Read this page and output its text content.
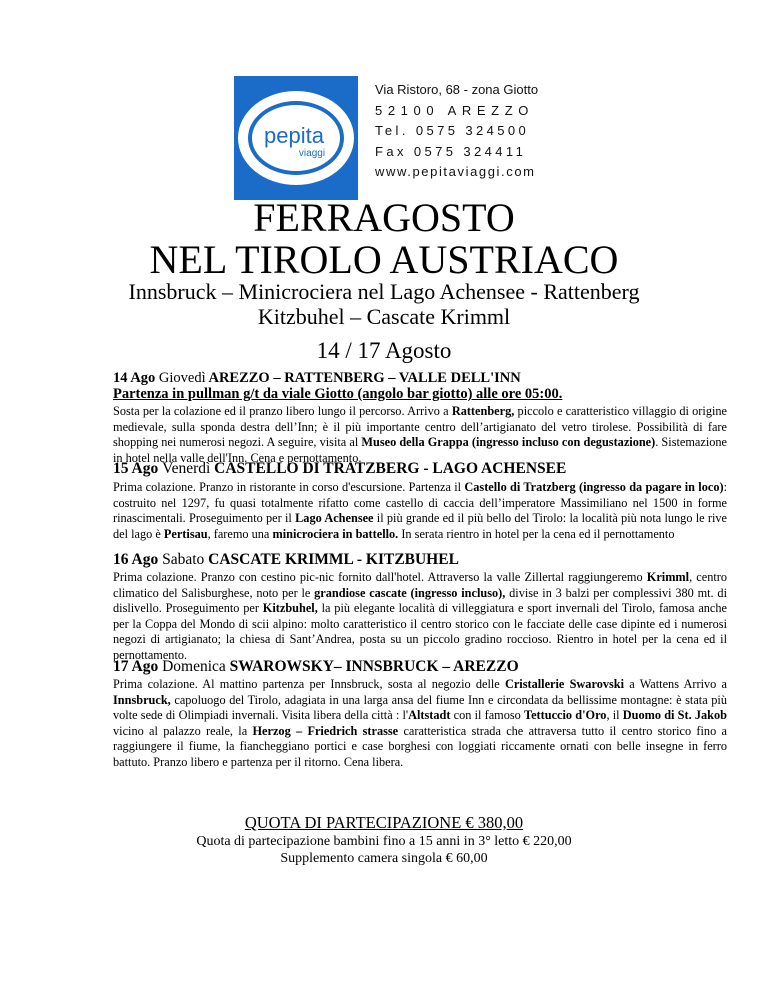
pepita
viaggi
Via Ristoro, 68 - zona Giotto
52100 AREZZO
Tel. 0575 324500
Fax 0575 324411
www.pepitaviaggi.com
FERRAGOSTO
NEL TIROLO AUSTRIACO
Innsbruck – Minicrociera nel Lago Achensee - Rattenberg
Kitzbuhel – Cascate Krimml
14 / 17 Agosto
14 Ago Giovedì AREZZO – RATTENBERG – VALLE DELL'INN
Partenza in pullman g/t da viale Giotto (angolo bar giotto) alle ore 05:00.
Sosta per la colazione ed il pranzo libero lungo il percorso. Arrivo a Rattenberg, piccolo e caratteristico villaggio di origine medievale, sulla sponda destra dell’Inn; è il più importante centro dell’artigianato del vetro tirolese. Possibilità di fare shopping nei numerosi negozi. A seguire, visita al Museo della Grappa (ingresso incluso con degustazione). Sistemazione in hotel nella valle dell'Inn. Cena e pernottamento.
15 Ago Venerdì CASTELLO DI TRATZBERG - LAGO ACHENSEE
Prima colazione. Pranzo in ristorante in corso d'escursione. Partenza il Castello di Tratzberg (ingresso da pagare in loco): costruito nel 1297, fu quasi totalmente rifatto come castello di caccia dell’imperatore Massimiliano nel 1500 in forme rinascimentali. Proseguimento per il Lago Achensee il più grande ed il più bello del Tirolo: la località più nota lungo le rive del lago è Pertisau, faremo una minicrociera in battello. In serata rientro in hotel per la cena ed il pernottamento
16 Ago Sabato CASCATE KRIMML - KITZBUHEL
Prima colazione. Pranzo con cestino pic-nic fornito dall'hotel. Attraverso la valle Zillertal raggiungeremo Krimml, centro climatico del Salisburghese, noto per le grandiose cascate (ingresso incluso), divise in 3 balzi per complessivi 380 mt. di dislivello. Proseguimento per Kitzbuhel, la più elegante località di villeggiatura e sport invernali del Tirolo, famosa anche per la Coppa del Mondo di scii alpino: molto caratteristico il centro storico con le facciate delle case dipinte ed i numerosi negozi di artigianato; la chiesa di Sant’Andrea, posta su un piccolo gradino roccioso. Rientro in hotel per la cena ed il pernottamento.
17 Ago Domenica SWAROWSKY– INNSBRUCK – AREZZO
Prima colazione. Al mattino partenza per Innsbruck, sosta al negozio delle Cristallerie Swarovski a Wattens Arrivo a Innsbruck, capoluogo del Tirolo, adagiata in una larga ansa del fiume Inn e circondata da bellissime montagne: è stata più volte sede di Olimpiadi invernali. Visita libera della città : l'Altstadt con il famoso Tettuccio d'Oro, il Duomo di St. Jakob vicino al palazzo reale, la Herzog – Friedrich strasse caratteristica strada che attraversa tutto il centro storico fino a raggiungere il fiume, la fiancheggiano portici e case borghesi con loggiati riccamente ornati con belle insegne in ferro battuto. Pranzo libero e partenza per il ritorno. Cena libera.
QUOTA DI PARTECIPAZIONE € 380,00
Quota di partecipazione bambini fino a 15 anni in 3° letto € 220,00
Supplemento camera singola € 60,00
